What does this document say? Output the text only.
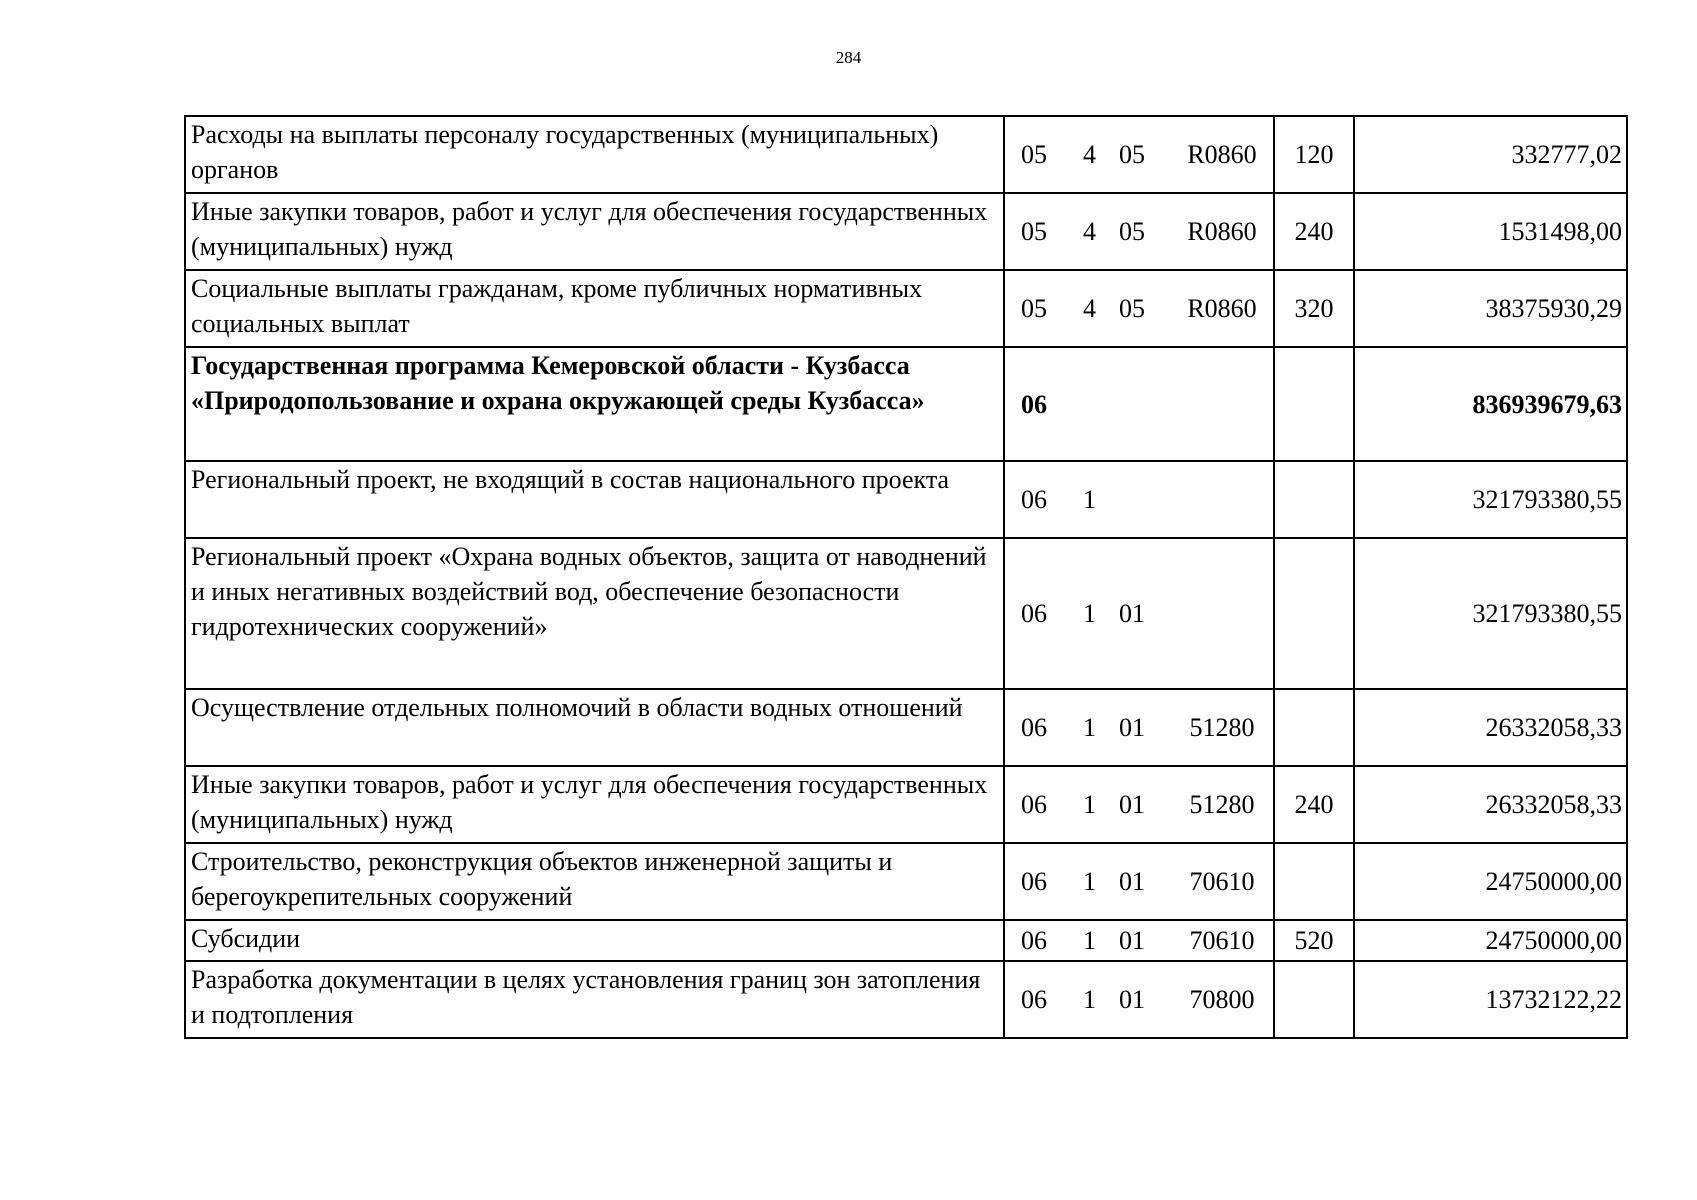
284
Расходы на выплаты персоналу государственных (муниципальных) органов	05 4 05 R0860	120	332777,02
Иные закупки товаров, работ и услуг для обеспечения государственных (муниципальных) нужд	05 4 05 R0860	240	1531498,00
Социальные выплаты гражданам, кроме публичных нормативных социальных выплат	05 4 05 R0860	320	38375930,29
Государственная программа Кемеровской области - Кузбасса «Природопользование и охрана окружающей среды Кузбасса»	06		836939679,63
Региональный проект, не входящий в состав национального проекта	06 1		321793380,55
Региональный проект «Охрана водных объектов, защита от наводнений и иных негативных воздействий вод, обеспечение безопасности гидротехнических сооружений»	06 1 01		321793380,55
Осуществление отдельных полномочий в области водных отношений	06 1 01 51280		26332058,33
Иные закупки товаров, работ и услуг для обеспечения государственных (муниципальных) нужд	06 1 01 51280	240	26332058,33
Строительство, реконструкция объектов инженерной защиты и берегоукрепительных сооружений	06 1 01 70610		24750000,00
Субсидии	06 1 01 70610	520	24750000,00
Разработка документации в целях установления границ зон затопления и подтопления	06 1 01 70800		13732122,22
